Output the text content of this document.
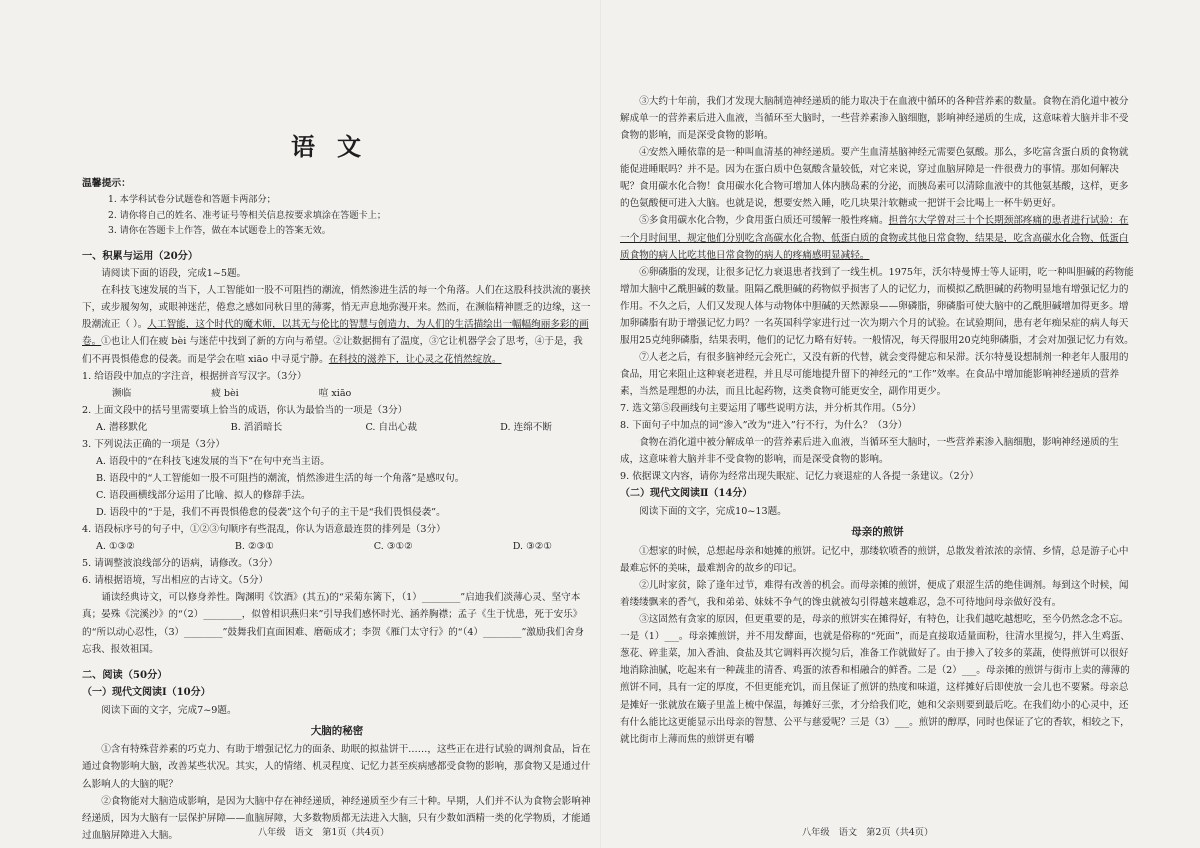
语文
温馨提示：
1. 本学科试卷分试题卷和答题卡两部分；
2. 请你将自己的姓名、准考证号等相关信息按要求填涂在答题卡上；
3. 请你在答题卡上作答，做在本试题卷上的答案无效。
一、积累与运用（20分）

请阅读下面的语段，完成1~5题。

在科技飞速发展的当下，人工智能如一股不可阻挡的潮流，悄然渗进生活的每一个角落。人们在这股科技洪流的裹挟下，或步履匆匆，或眼神迷茫，倦怠之感如同秋日里的薄雾，悄无声息地弥漫开来。然而，在濒临精神匮乏的边缘，这一股潮流正（ ）。人工智能，这个时代的魔术师，以其无与伦比的智慧与创造力，为人们的生活描绘出一幅幅绚丽多彩的画卷。①也让人们在疲 bèi 与迷茫中找到了新的方向与希望。②让数据拥有了温度，③它让机器学会了思考，④于是，我们不再畏惧倦怠的侵袭。而是学会在喧 xiāo 中寻觅宁静。在科技的滋养下，让心灵之花悄然绽放。

1. 给语段中加点的字注音，根据拼音写汉字。（3分）

濒临	疲 bèi	喧 xiāo

2. 上面文段中的括号里需要填上恰当的成语，你认为最恰当的一项是（3分）

A. 潜移默化	B. 滔滔暗长	C. 自出心裁	D. 连绵不断

3. 下列说法正确的一项是（3分）

A. 语段中的“在科技飞速发展的当下”在句中充当主语。

B. 语段中的“人工智能如一股不可阻挡的潮流，悄然渗进生活的每一个角落”是感叹句。

C. 语段画横线部分运用了比喻、拟人的修辞手法。

D. 语段中的“于是，我们不再畏惧倦怠的侵袭”这个句子的主干是“我们畏惧侵袭”。

4. 语段标序号的句子中，①②③句顺序有些混乱，你认为语意最连贯的排列是（3分）

A. ①③②	B. ②③①	C. ③①②	D. ③②①

5. 请调整波浪线部分的语病，请修改。（3分）

6. 请根据语境，写出相应的古诗文。（5分）

诵读经典诗文，可以修身养性。陶渊明《饮酒》(其五)的“采菊东篱下，（1）________”启迪我们淡薄心灵、坚守本真；晏殊《浣溪沙》的“（2）________，似曾相识燕归来”引导我们感怀时光、涵养胸襟；孟子《生于忧患，死于安乐》的“所以动心忍性，（3）________”鼓舞我们直面困难、磨砺成才；李贺《雁门太守行》的“（4）________”激励我们舍身忘我、报效祖国。

二、阅读（50分）
（一）现代文阅读Ⅰ（10分）

阅读下面的文字，完成7~9题。

大脑的秘密

①含有特殊营养素的巧克力、有助于增强记忆力的面条、助眠的拟盐饼干……，这些正在进行试验的调剂食品，旨在通过食物影响大脑，改善某些状况。其实，人的情绪、机灵程度、记忆力甚至疾病感都受食物的影响，那食物又是通过什么影响人的大脑的呢？

②食物能对大脑造成影响，是因为大脑中存在神经递质，神经递质至少有三十种。早期，人们并不认为食物会影响神经递质，因为大脑有一层保护屏障——血脑屏障，大多数物质都无法进入大脑，只有少数如酒精一类的化学物质，才能通过血脑屏障进入大脑。	八年级　语文　第1页（共4页）

③大约十年前，我们才发现大脑制造神经递质的能力取决于在血液中循环的各种营养素的数量。食物在消化道中被分解成单一的营养素后进入血液，当循环至大脑时，一些营养素渗入脑细胞，影响神经递质的生成，这意味着大脑并非不受食物的影响，而是深受食物的影响。

④安然入睡依靠的是一种叫血清基的神经递质。要产生血清基脑神经元需要色氨酸。那么，多吃富含蛋白质的食物就能促进睡眠吗？并不是。因为在蛋白质中色氨酸含量较低，对它来说，穿过血脑屏障是一件很费力的事情。那如何解决呢？食用碳水化合物！食用碳水化合物可增加人体内胰岛素的分泌，而胰岛素可以清除血液中的其他氨基酸，这样，更多的色氨酸便可进入大脑。也就是说，想要安然入睡，吃几块果汁软糖或一把饼干会比喝上一杯牛奶更好。

⑤多食用碳水化合物，少食用蛋白质还可缓解一般性疼痛。担普尔大学曾对三十个长期颈部疼痛的患者进行试验：在一个月时间里，规定他们分别吃含高碳水化合物、低蛋白质的食物或其他日常食物，结果是，吃含高碳水化合物、低蛋白质食物的病人比吃其他日常食物的病人的疼痛感明显减轻。

⑥卵磷脂的发现，让很多记忆力衰退患者找到了一线生机。1975年，沃尔特曼博士等人证明，吃一种叫胆碱的药物能增加大脑中乙酰胆碱的数量。阻隔乙酰胆碱的药物似乎损害了人的记忆力，而模拟乙酰胆碱的药物明显地有增强记忆力的作用。不久之后，人们又发现人体与动物体中胆碱的天然源泉——卵磷脂，卵磷脂可使大脑中的乙酰胆碱增加得更多。增加卵磷脂有助于增强记忆力吗？一名英国科学家进行过一次为期六个月的试验。在试验期间，患有老年痴呆症的病人每天服用25克纯卵磷脂，结果表明，他们的记忆力略有好转。一般情况，每天得服用20克纯卵磷脂，才会对加强记忆力有效。

⑦人老之后，有很多脑神经元会死亡，又没有新的代替，就会变得健忘和呆滞。沃尔特曼设想制剂一种老年人服用的食品，用它来阻止这种衰老进程，并且尽可能地提升留下的神经元的“工作”效率。在食品中增加能影响神经递质的营养素，当然是理想的办法，而且比起药物，这类食物可能更安全，副作用更少。

7. 选文第⑤段画线句主要运用了哪些说明方法，并分析其作用。（5分）

8. 下面句子中加点的词“渗入”改为“进入”行不行，为什么？（3分）

食物在消化道中被分解成单一的营养素后进入血液，当循环至大脑时，一些营养素渗入脑细胞，影响神经递质的生成，这意味着大脑并非不受食物的影响，而是深受食物的影响。

9. 依据课文内容，请你为经常出现失眠症、记忆力衰退症的人各提一条建议。（2分）

（二）现代文阅读Ⅱ（14分）

阅读下面的文字，完成10~13题。

母亲的煎饼

①想家的时候，总想起母亲和她摊的煎饼。记忆中，那缕软喷香的煎饼，总散发着浓浓的亲情、乡情，总是游子心中最难忘怀的美味，最难割舍的故乡的印记。

②儿时家贫，除了逢年过节，难得有改善的机会。而母亲摊的煎饼，便成了艰涩生活的绝佳调剂。每到这个时候，闻着缕缕飘来的香气，我和弟弟、妹妹不争气的馋虫就被勾引得越来越难忍，急不可待地问母亲做好没有。

③这固然有贪家的原因，但更重要的是，母亲的煎饼实在摊得好，有特色，让我们越吃越想吃，至今仍然念念不忘。一是（1）___。母亲摊煎饼，并不用发酵面，也就是俗称的“死面”，而是直接取适量面粉，往清水里搅匀，拌入生鸡蛋、葱花、碎韭菜，加入香油、食盐及其它调料再次搅匀后，准备工作就做好了。由于掺入了较多的菜蔬，使得煎饼可以很好地消除油腻，吃起来有一种蔬韭的清香、鸡蛋的浓香和相融合的鲜香。二是（2）___。母亲摊的煎饼与街市上卖的薄薄的煎饼不同，具有一定的厚度，不但更能充饥，而且保证了煎饼的热度和味道，这样摊好后即使放一会儿也不要紧。母亲总是摊好一张就放在簸子里盖上梳中保温，每摊好三张，才分给我们吃，她和父亲则要到最后吃。在我们幼小的心灵中，还有什么能比这更能显示出母亲的智慧、公平与慈爱呢？三是（3）___。煎饼的醇厚，同时也保证了它的香软，相较之下，就比街市上薄而焦的煎饼更有嚼

八年级　语文　第2页（共4页）
